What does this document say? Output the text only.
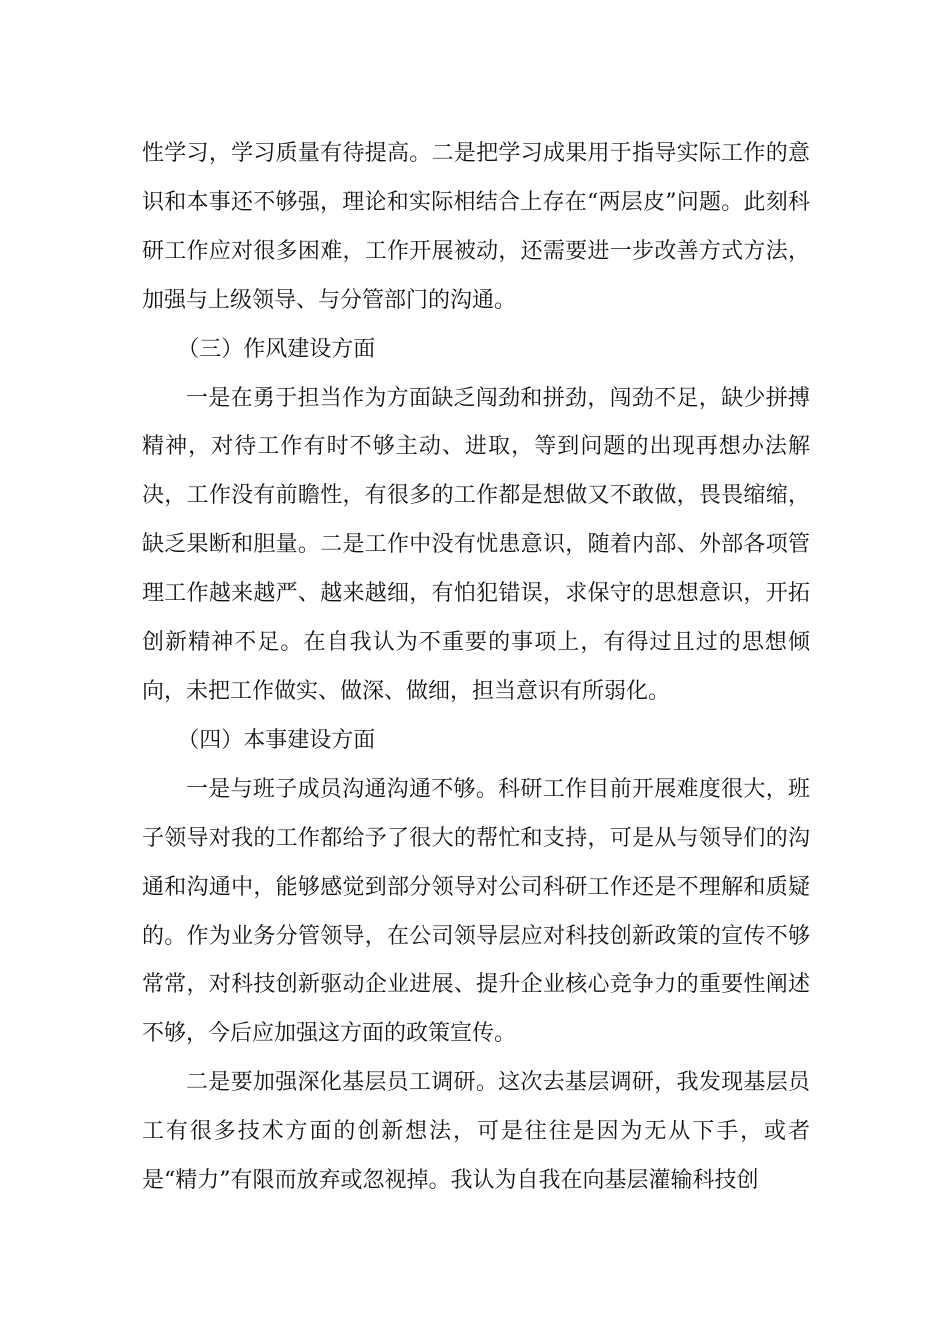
性学习，学习质量有待提高。二是把学习成果用于指导实际工作的意识和本事还不够强，理论和实际相结合上存在“两层皮”问题。此刻科研工作应对很多困难，工作开展被动，还需要进一步改善方式方法，加强与上级领导、与分管部门的沟通。

（三）作风建设方面

一是在勇于担当作为方面缺乏闯劲和拼劲，闯劲不足，缺少拼搏精神，对待工作有时不够主动、进取，等到问题的出现再想办法解决，工作没有前瞻性，有很多的工作都是想做又不敢做，畏畏缩缩，缺乏果断和胆量。二是工作中没有忧患意识，随着内部、外部各项管理工作越来越严、越来越细，有怕犯错误，求保守的思想意识，开拓创新精神不足。在自我认为不重要的事项上，有得过且过的思想倾向，未把工作做实、做深、做细，担当意识有所弱化。

（四）本事建设方面

一是与班子成员沟通沟通不够。科研工作目前开展难度很大，班子领导对我的工作都给予了很大的帮忙和支持，可是从与领导们的沟通和沟通中，能够感觉到部分领导对公司科研工作还是不理解和质疑的。作为业务分管领导，在公司领导层应对科技创新政策的宣传不够常常，对科技创新驱动企业进展、提升企业核心竞争力的重要性阐述不够，今后应加强这方面的政策宣传。

二是要加强深化基层员工调研。这次去基层调研，我发现基层员工有很多技术方面的创新想法，可是往往是因为无从下手，或者是“精力”有限而放弃或忽视掉。我认为自我在向基层灌输科技创
